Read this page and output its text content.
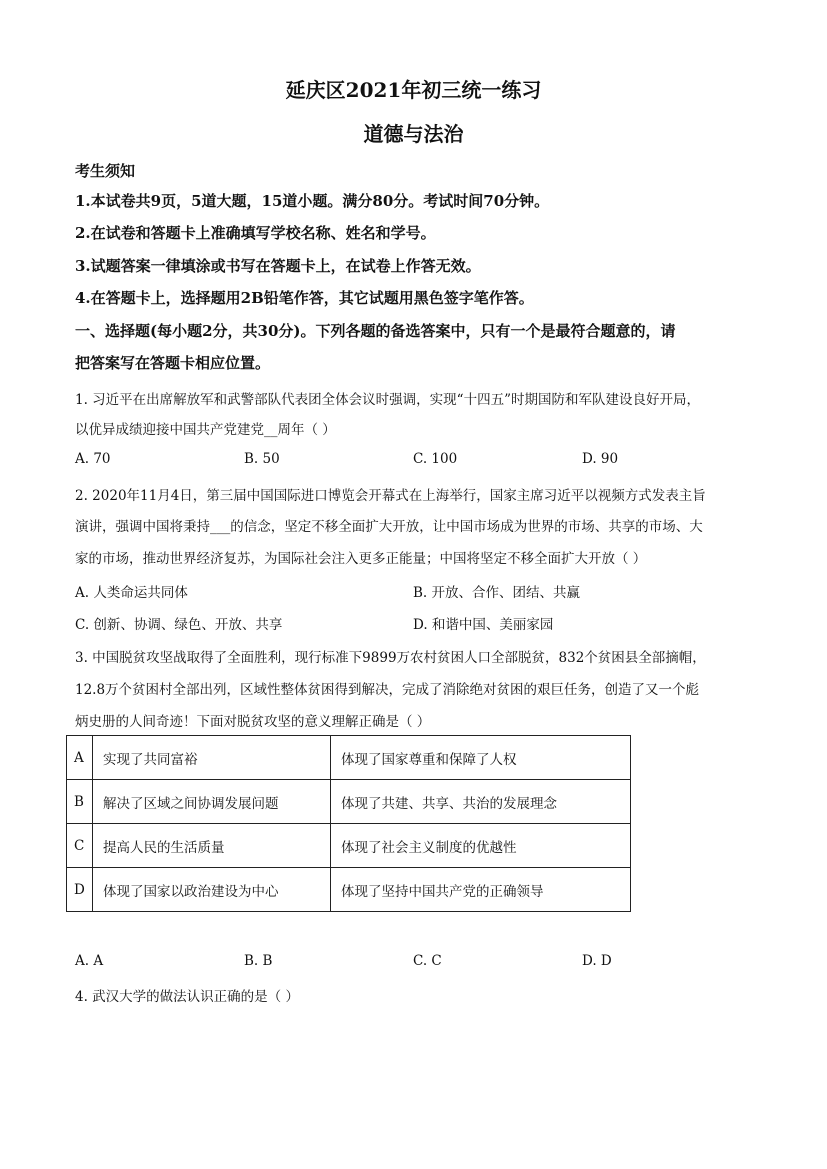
延庆区2021年初三统一练习
道德与法治
考生须知
1.本试卷共9页，5道大题，15道小题。满分80分。考试时间70分钟。
2.在试卷和答题卡上准确填写学校名称、姓名和学号。
3.试题答案一律填涂或书写在答题卡上，在试卷上作答无效。
4.在答题卡上，选择题用2B铅笔作答，其它试题用黑色签字笔作答。
一、选择题(每小题2分，共30分)。下列各题的备选答案中，只有一个是最符合题意的，请
把答案写在答题卡相应位置。
1. 习近平在出席解放军和武警部队代表团全体会议时强调，实现“十四五”时期国防和军队建设良好开局，
以优异成绩迎接中国共产党建党__周年（ ）
A. 70	B. 50	C. 100	D. 90
2. 2020年11月4日，第三届中国国际进口博览会开幕式在上海举行，国家主席习近平以视频方式发表主旨
演讲，强调中国将秉持___的信念，坚定不移全面扩大开放，让中国市场成为世界的市场、共享的市场、大
家的市场，推动世界经济复苏，为国际社会注入更多正能量；中国将坚定不移全面扩大开放（ ）
A. 人类命运共同体	B. 开放、合作、团结、共赢
C. 创新、协调、绿色、开放、共享	D. 和谐中国、美丽家园
3. 中国脱贫攻坚战取得了全面胜利，现行标准下9899万农村贫困人口全部脱贫，832个贫困县全部摘帽，
12.8万个贫困村全部出列，区域性整体贫困得到解决，完成了消除绝对贫困的艰巨任务，创造了又一个彪
炳史册的人间奇迹！下面对脱贫攻坚的意义理解正确是（ ）
A	实现了共同富裕	体现了国家尊重和保障了人权
B	解决了区域之间协调发展问题	体现了共建、共享、共治的发展理念
C	提高人民的生活质量	体现了社会主义制度的优越性
D	体现了国家以政治建设为中心	体现了坚持中国共产党的正确领导
A. A	B. B	C. C	D. D
4. 武汉大学的做法认识正确的是（ ）
